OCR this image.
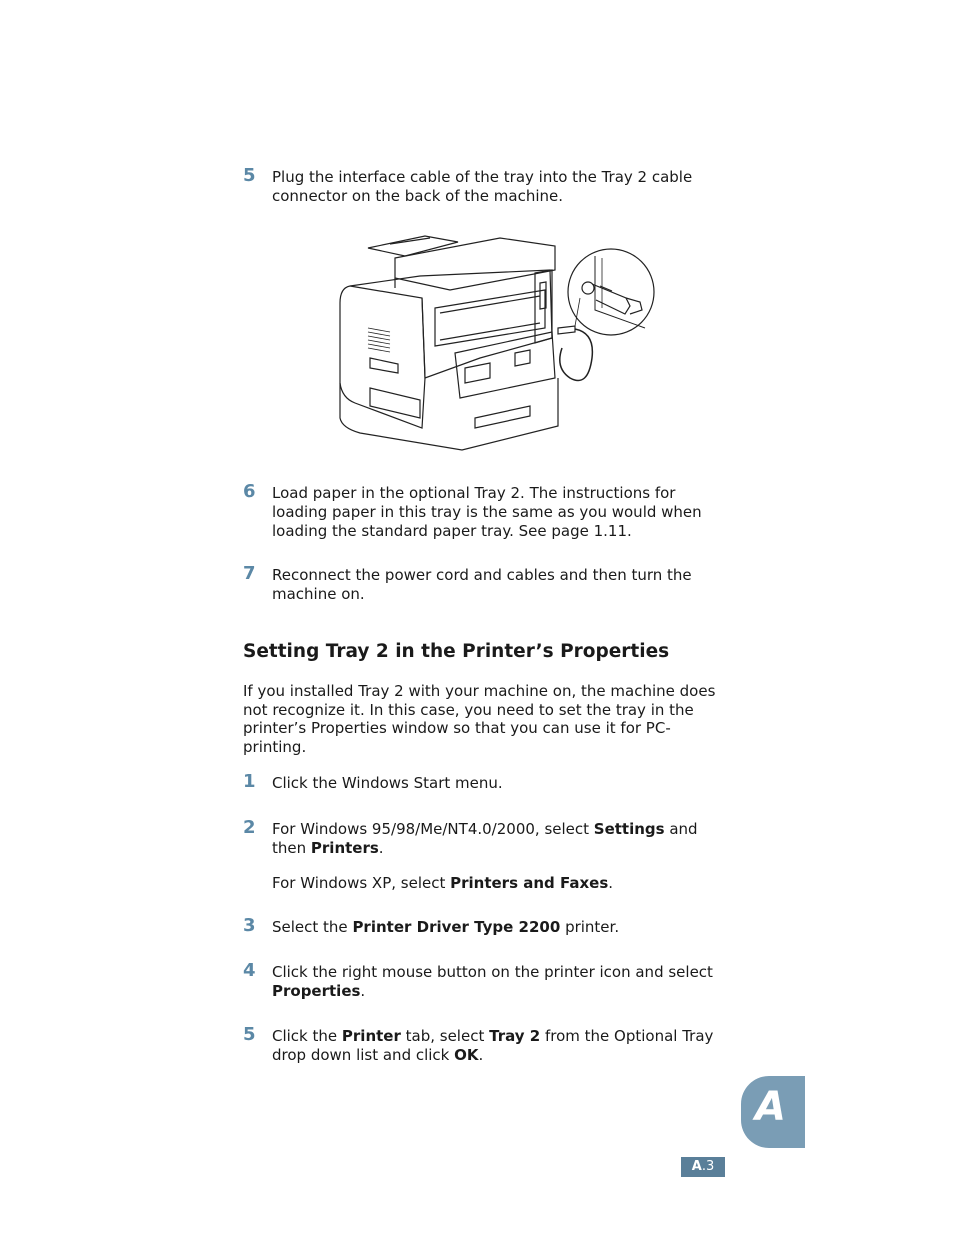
5 Plug the interface cable of the tray into the Tray 2 cable connector on the back of the machine.
6 Load paper in the optional Tray 2. The instructions for loading paper in this tray is the same as you would when loading the standard paper tray. See page 1.11.
7 Reconnect the power cord and cables and then turn the machine on.
Setting Tray 2 in the Printer’s Properties
If you installed Tray 2 with your machine on, the machine does not recognize it. In this case, you need to set the tray in the printer’s Properties window so that you can use it for PC-printing.
1 Click the Windows Start menu.
2 For Windows 95/98/Me/NT4.0/2000, select Settings and then Printers.
For Windows XP, select Printers and Faxes.
3 Select the Printer Driver Type 2200 printer.
4 Click the right mouse button on the printer icon and select Properties.
5 Click the Printer tab, select Tray 2 from the Optional Tray drop down list and click OK.
A
A.3
